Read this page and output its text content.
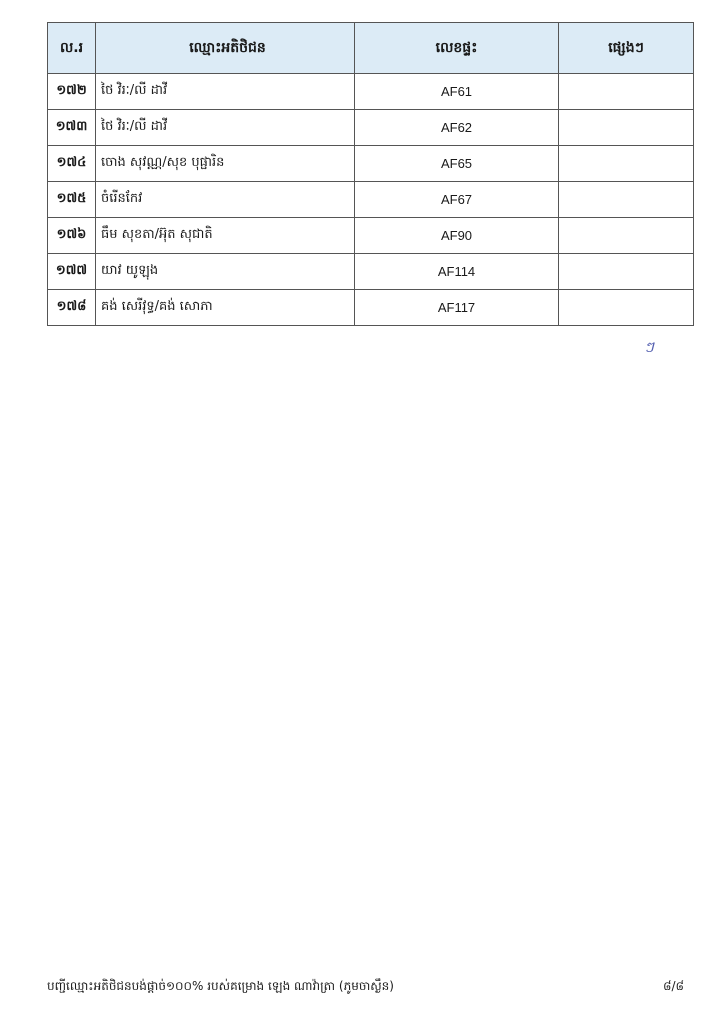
ល.រ	ឈ្មោះអតិថិជន	លេខផ្ទះ	ផ្សេងៗ
១៧២	ថៃ វិរៈ/លី ដាវី	AF61	
១៧៣	ថៃ វិរៈ/លី ដាវី	AF62	
១៧៤	ចោង សុវណ្ណ/សុខ បុផ្ផារិន	AF65	
១៧៥	ចំរើនកែវ	AF67	
១៧៦	ធឹម សុខតា/អ៊ុត សុជាតិ	AF90	
១៧៧	យាវ យូឡុង	AF114	
១៧៨	គង់ សេរីវុទ្ធ/គង់ សោភា	AF117	
ៗ
បញ្ជីឈ្មោះអតិថិជនបង់ផ្ដាច់១០០% របស់គម្រោង ឡេង ណាវ៉ាត្រា (ភូមចាស្ងឹន)	៨/៨
